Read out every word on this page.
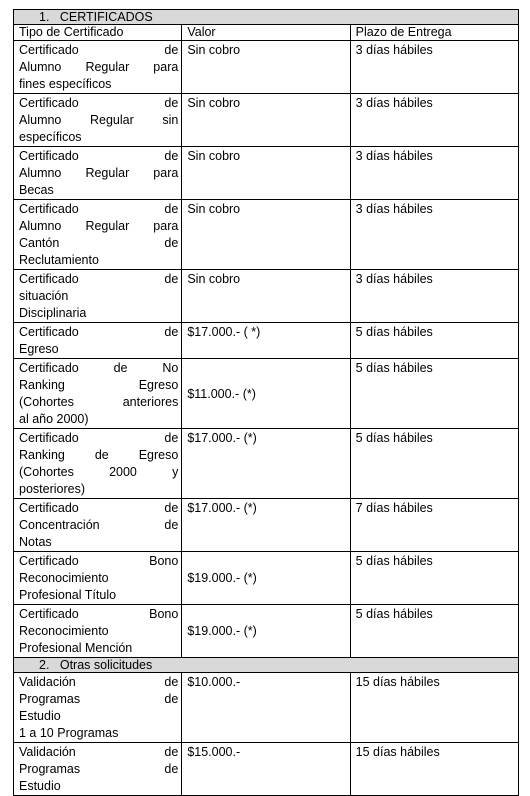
1. CERTIFICADOS		
Tipo de Certificado	Valor	Plazo de Entrega

Certificado de
Alumno Regular para
fines específicos	Sin cobro	3 días hábiles

Certificado de
Alumno Regular sin
específicos	Sin cobro	3 días hábiles

Certificado de
Alumno Regular para
Becas	Sin cobro	3 días hábiles

Certificado de
Alumno Regular para
Cantón de
Reclutamiento	Sin cobro	3 días hábiles

Certificado de
situación
Disciplinaria	Sin cobro	3 días hábiles

Certificado de
Egreso	$17.000.- ( *)	5 días hábiles

Certificado de No
Ranking Egreso
(Cohortes anteriores
al año 2000)	$11.000.- (*)	5 días hábiles

Certificado de
Ranking de Egreso
(Cohortes 2000 y
posteriores)	$17.000.- (*)	5 días hábiles

Certificado de
Concentración de
Notas	$17.000.- (*)	7 días hábiles

Certificado Bono
Reconocimiento
Profesional Título	$19.000.- (*)	5 días hábiles

Certificado Bono
Reconocimiento
Profesional Mención	$19.000.- (*)	5 días hábiles
2. Otras solicitudes		

Validación de
Programas de
Estudio
1 a 10 Programas	$10.000.-	15 días hábiles

Validación de
Programas de
Estudio	$15.000.-	15 días hábiles
